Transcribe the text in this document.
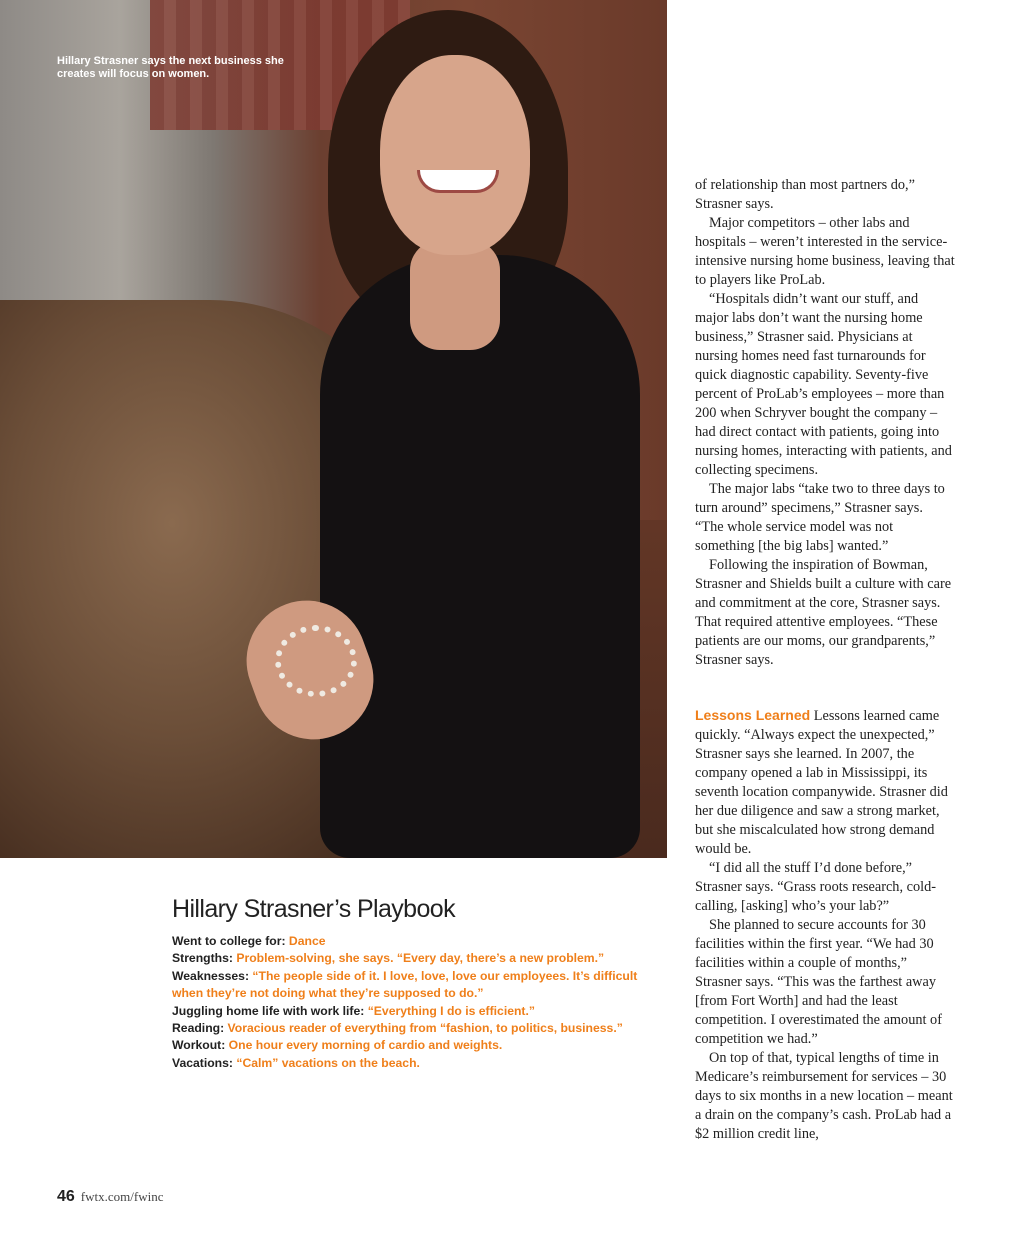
Hillary Strasner says the next business she creates will focus on women.

of relationship than most partners do,” Strasner says.

Major competitors – other labs and hospitals – weren’t interested in the service-intensive nursing home business, leaving that to players like ProLab.

“Hospitals didn’t want our stuff, and major labs don’t want the nursing home business,” Strasner said. Physicians at nursing homes need fast turnarounds for quick diagnostic capability. Seventy-five percent of ProLab’s employees – more than 200 when Schryver bought the company – had direct contact with patients, going into nursing homes, interacting with patients, and collecting specimens.

The major labs “take two to three days to turn around” specimens,” Strasner says. “The whole service model was not something [the big labs] wanted.”

Following the inspiration of Bowman, Strasner and Shields built a culture with care and commitment at the core, Strasner says. That required attentive employees. “These patients are our moms, our grandparents,” Strasner says.

Lessons Learned Lessons learned came quickly. “Always expect the unexpected,” Strasner says she learned. In 2007, the company opened a lab in Mississippi, its seventh location companywide. Strasner did her due diligence and saw a strong market, but she miscalculated how strong demand would be.

“I did all the stuff I’d done before,” Strasner says. “Grass roots research, cold-calling, [asking] who’s your lab?”

She planned to secure accounts for 30 facilities within the first year. “We had 30 facilities within a couple of months,” Strasner says. “This was the farthest away [from Fort Worth] and had the least competition. I overestimated the amount of competition we had.”

On top of that, typical lengths of time in Medicare’s reimbursement for services – 30 days to six months in a new location – meant a drain on the company’s cash. ProLab had a $2 million credit line,

Hillary Strasner’s Playbook

Went to college for: Dance

Strengths: Problem-solving, she says. “Every day, there’s a new problem.”

Weaknesses: “The people side of it. I love, love, love our employees. It’s difficult when they’re not doing what they’re supposed to do.”

Juggling home life with work life: “Everything I do is efficient.”

Reading: Voracious reader of everything from “fashion, to politics, business.”

Workout: One hour every morning of cardio and weights.

Vacations: “Calm” vacations on the beach.

46 fwtx.com/fwinc
